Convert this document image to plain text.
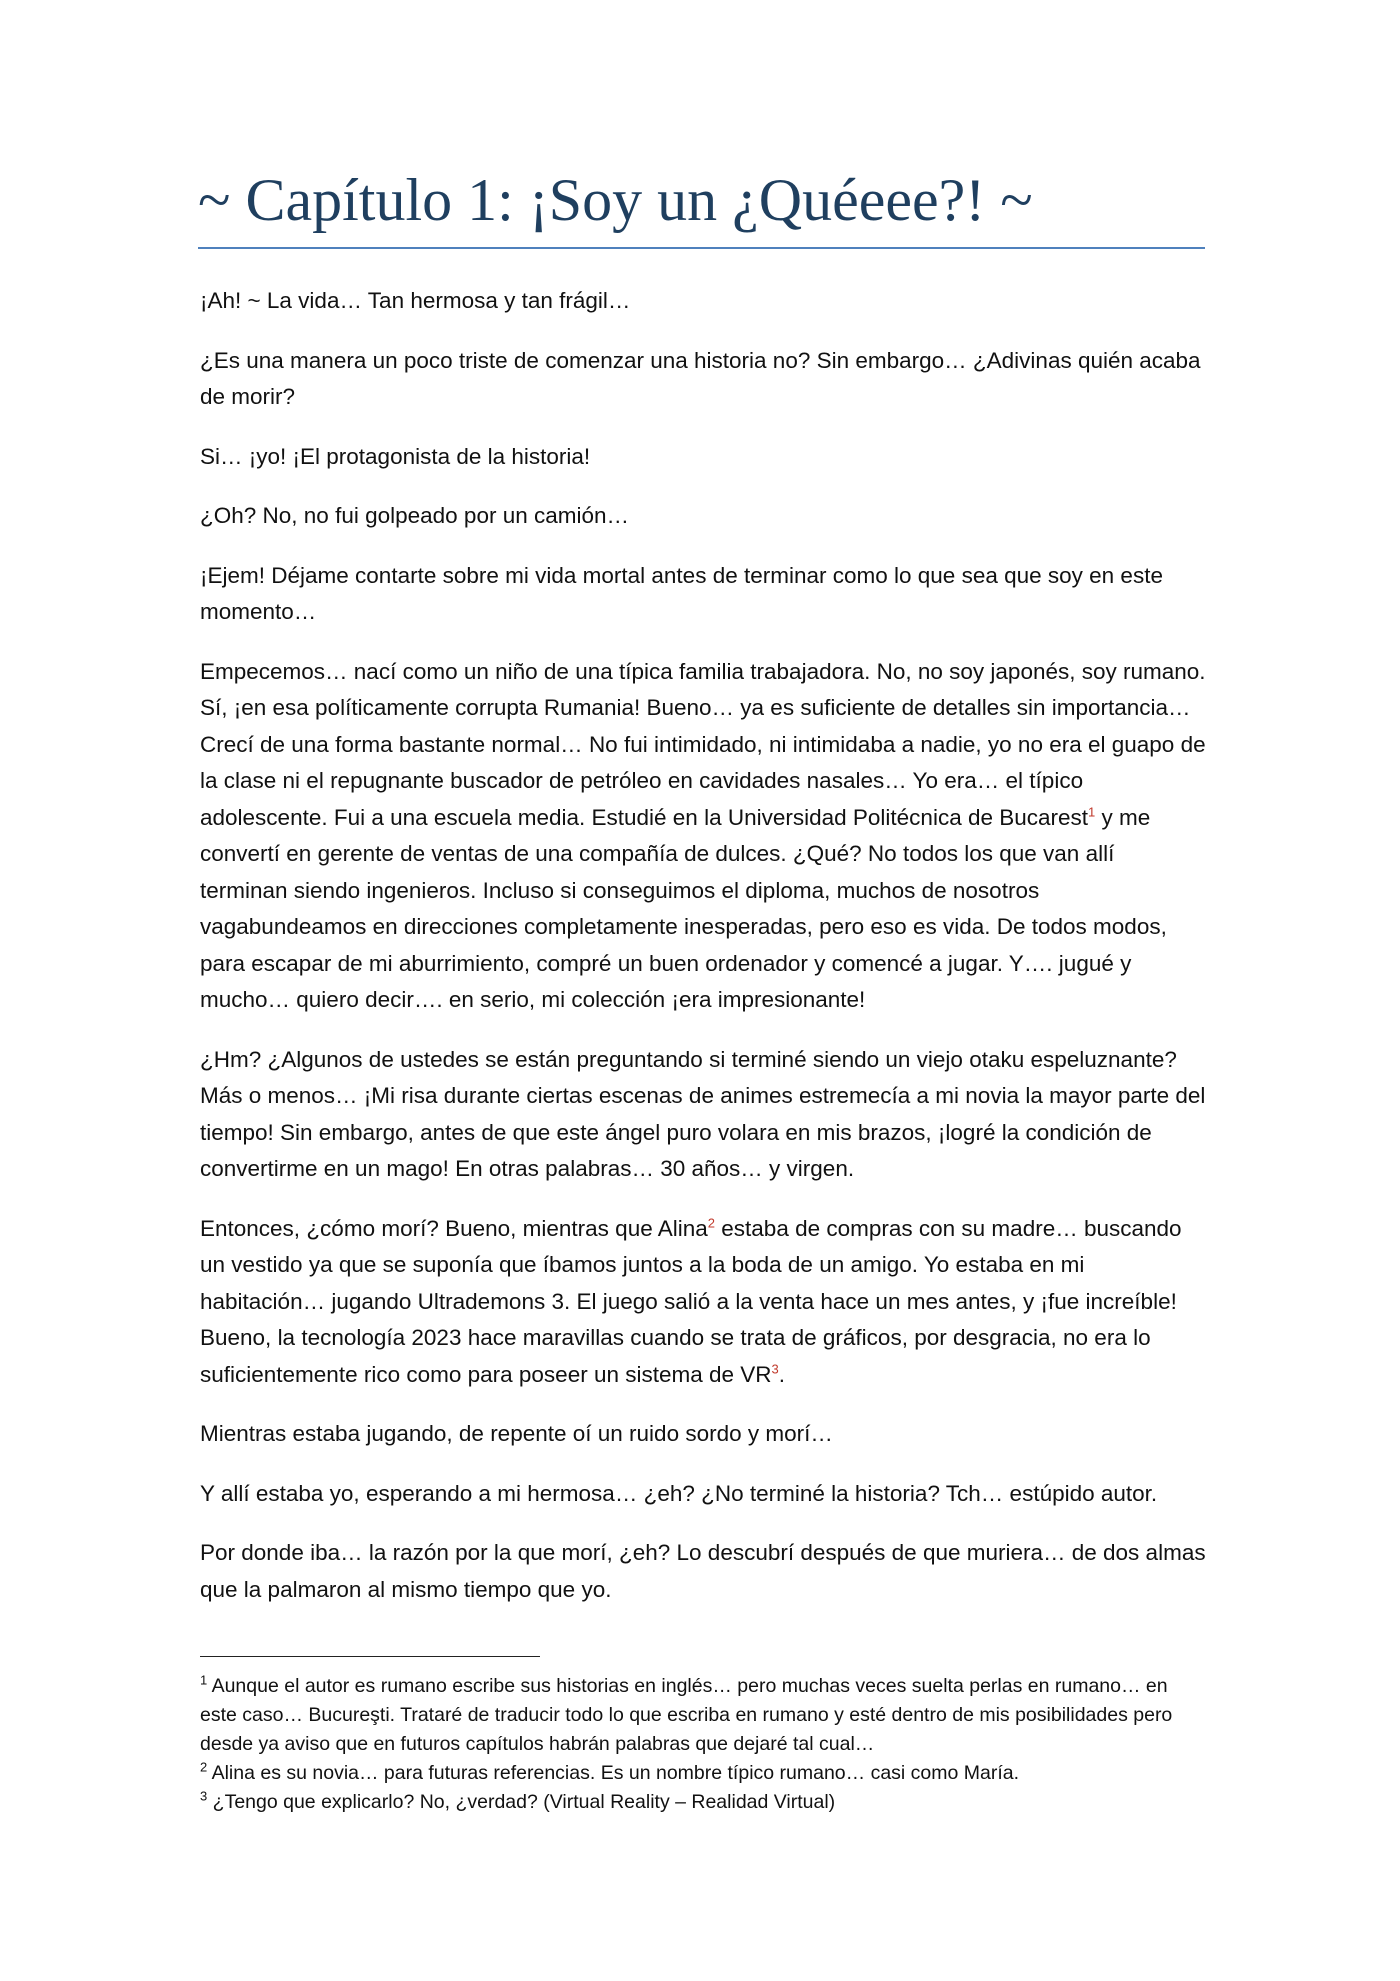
~ Capítulo 1: ¡Soy un ¿Quéeee?! ~

¡Ah! ~ La vida… Tan hermosa y tan frágil…

¿Es una manera un poco triste de comenzar una historia no? Sin embargo… ¿Adivinas quién acaba de morir?

Si… ¡yo! ¡El protagonista de la historia!

¿Oh? No, no fui golpeado por un camión…

¡Ejem! Déjame contarte sobre mi vida mortal antes de terminar como lo que sea que soy en este momento…

Empecemos… nací como un niño de una típica familia trabajadora. No, no soy japonés, soy rumano. Sí, ¡en esa políticamente corrupta Rumania! Bueno… ya es suficiente de detalles sin importancia… Crecí de una forma bastante normal… No fui intimidado, ni intimidaba a nadie, yo no era el guapo de la clase ni el repugnante buscador de petróleo en cavidades nasales… Yo era… el típico adolescente. Fui a una escuela media. Estudié en la Universidad Politécnica de Bucarest$^1$ y me convertí en gerente de ventas de una compañía de dulces. ¿Qué? No todos los que van allí terminan siendo ingenieros. Incluso si conseguimos el diploma, muchos de nosotros vagabundeamos en direcciones completamente inesperadas, pero eso es vida. De todos modos, para escapar de mi aburrimiento, compré un buen ordenador y comencé a jugar. Y…. jugué y mucho… quiero decir…. en serio, mi colección ¡era impresionante!

¿Hm? ¿Algunos de ustedes se están preguntando si terminé siendo un viejo otaku espeluznante? Más o menos… ¡Mi risa durante ciertas escenas de animes estremecía a mi novia la mayor parte del tiempo! Sin embargo, antes de que este ángel puro volara en mis brazos, ¡logré la condición de convertirme en un mago! En otras palabras… 30 años… y virgen.

Entonces, ¿cómo morí? Bueno, mientras que Alina$^2$ estaba de compras con su madre… buscando un vestido ya que se suponía que íbamos juntos a la boda de un amigo. Yo estaba en mi habitación… jugando Ultrademons 3. El juego salió a la venta hace un mes antes, y ¡fue increíble! Bueno, la tecnología 2023 hace maravillas cuando se trata de gráficos, por desgracia, no era lo suficientemente rico como para poseer un sistema de VR$^3$.

Mientras estaba jugando, de repente oí un ruido sordo y morí…

Y allí estaba yo, esperando a mi hermosa… ¿eh? ¿No terminé la historia? Tch… estúpido autor.

Por donde iba… la razón por la que morí, ¿eh? Lo descubrí después de que muriera… de dos almas que la palmaron al mismo tiempo que yo.

$^1$ Aunque el autor es rumano escribe sus historias en inglés… pero muchas veces suelta perlas en rumano… en este caso… Bucureşti. Trataré de traducir todo lo que escriba en rumano y esté dentro de mis posibilidades pero desde ya aviso que en futuros capítulos habrán palabras que dejaré tal cual…

$^2$ Alina es su novia… para futuras referencias. Es un nombre típico rumano… casi como María.

$^3$ ¿Tengo que explicarlo? No, ¿verdad? (Virtual Reality – Realidad Virtual)
